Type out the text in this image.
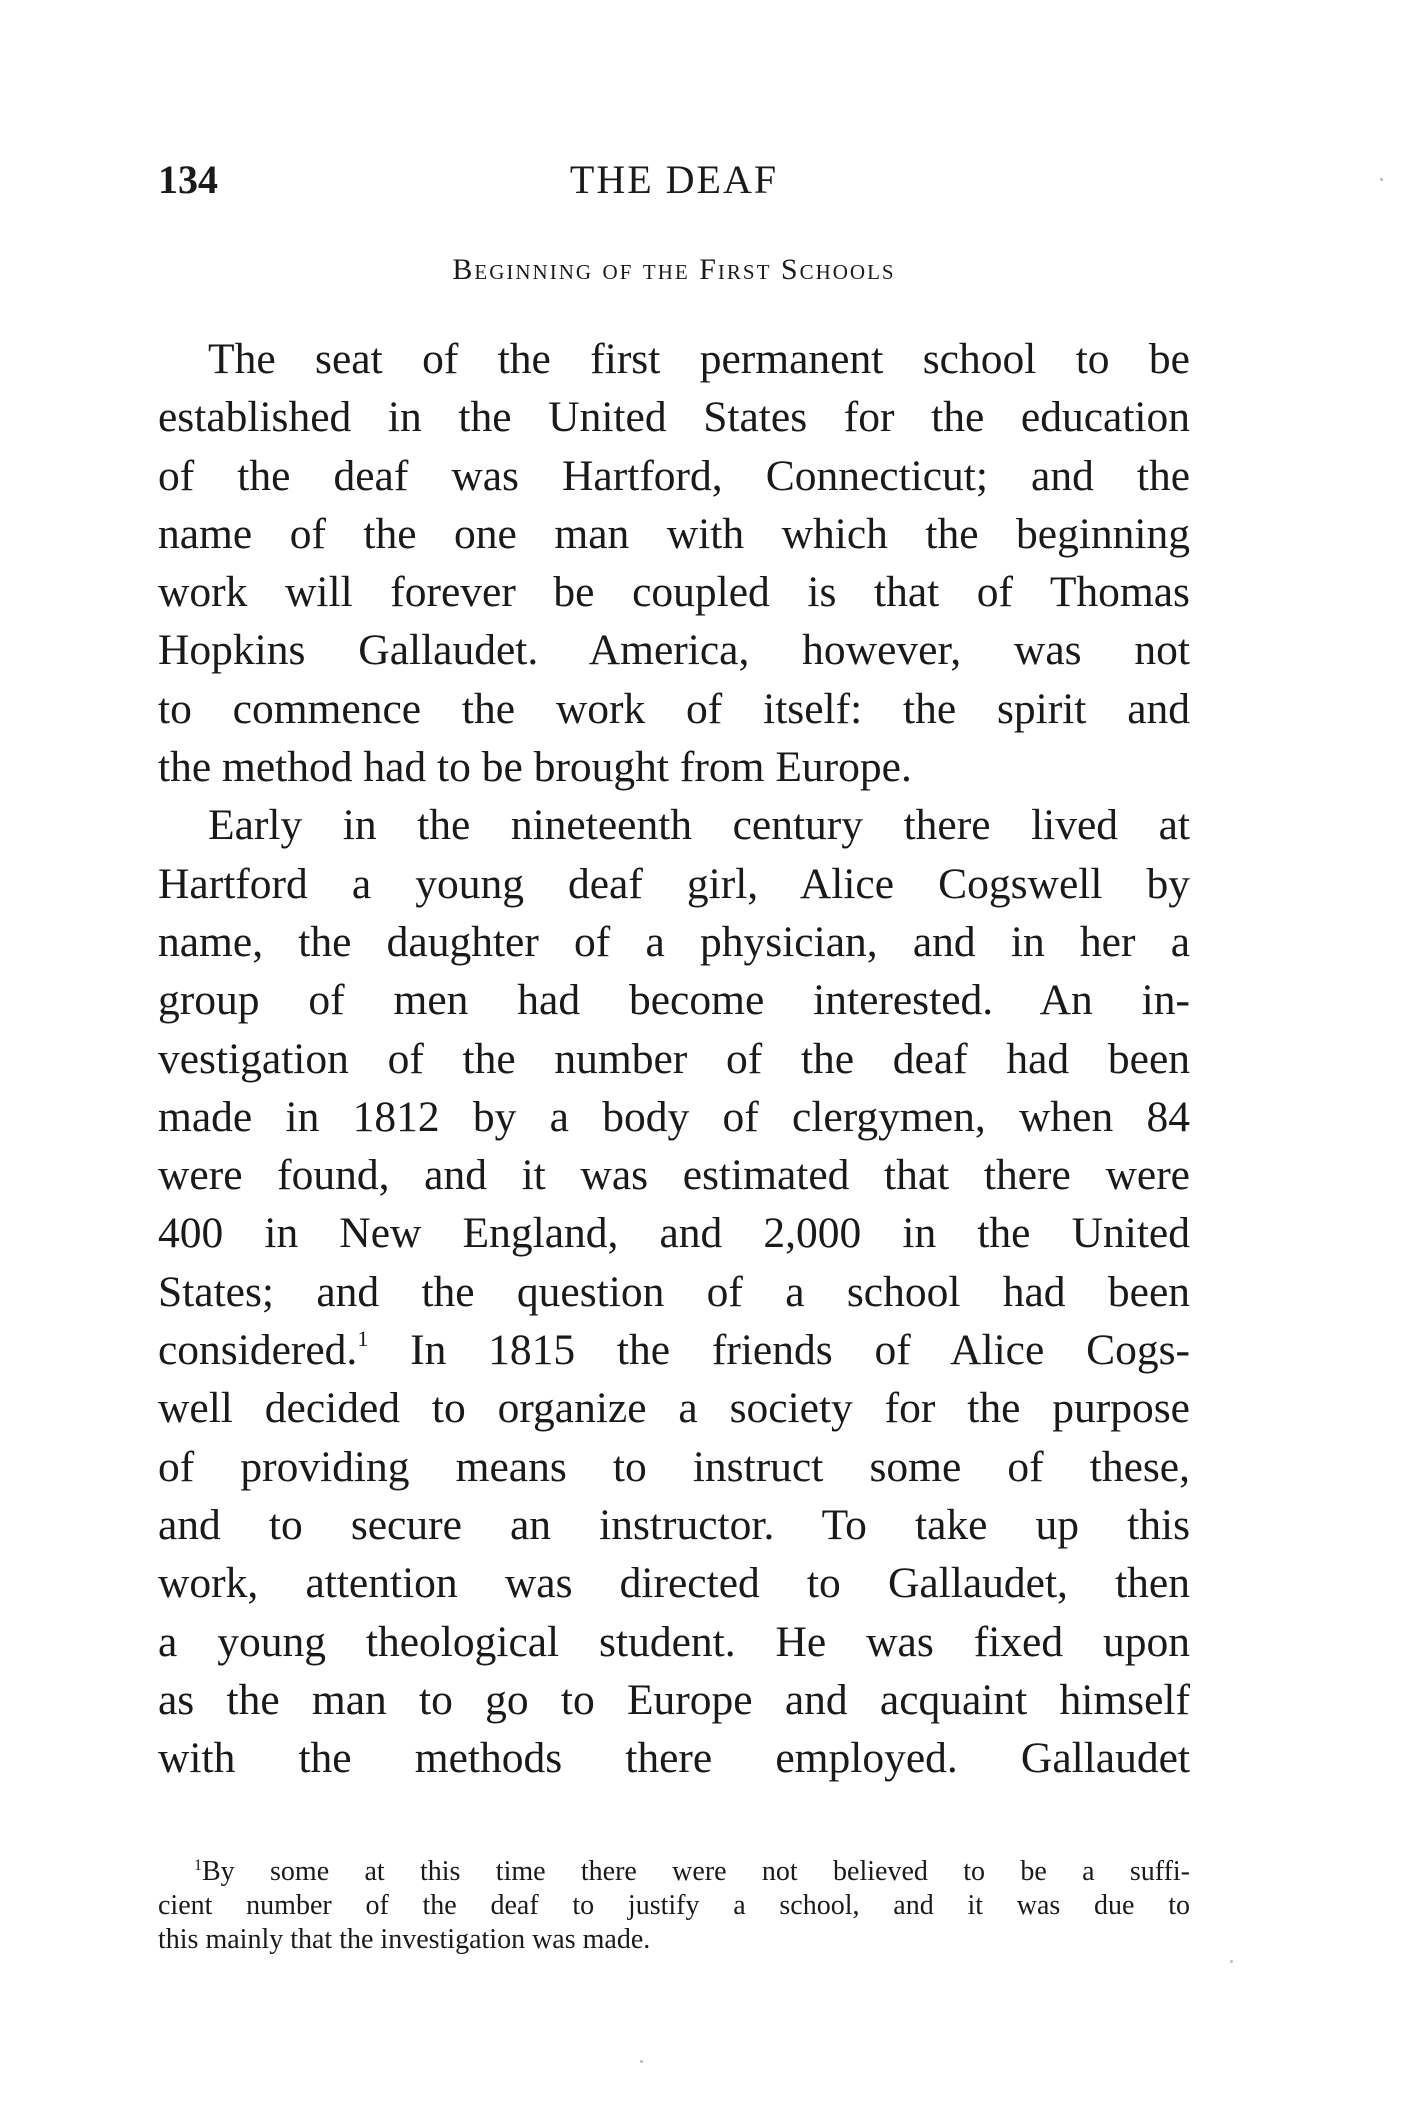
134	THE DEAF
Beginning of the First Schools
The seat of the first permanent school to be
established in the United States for the education
of the deaf was Hartford, Connecticut; and the
name of the one man with which the beginning
work will forever be coupled is that of Thomas
Hopkins Gallaudet. America, however, was not
to commence the work of itself: the spirit and
the method had to be brought from Europe.
Early in the nineteenth century there lived at
Hartford a young deaf girl, Alice Cogswell by
name, the daughter of a physician, and in her a
group of men had become interested. An in-
vestigation of the number of the deaf had been
made in 1812 by a body of clergymen, when 84
were found, and it was estimated that there were
400 in New England, and 2,000 in the United
States; and the question of a school had been
considered.$^1$ In 1815 the friends of Alice Cogs-
well decided to organize a society for the purpose
of providing means to instruct some of these,
and to secure an instructor. To take up this
work, attention was directed to Gallaudet, then
a young theological student. He was fixed upon
as the man to go to Europe and acquaint himself
with the methods there employed. Gallaudet
$^1$By some at this time there were not believed to be a suffi-
cient number of the deaf to justify a school, and it was due to
this mainly that the investigation was made.
